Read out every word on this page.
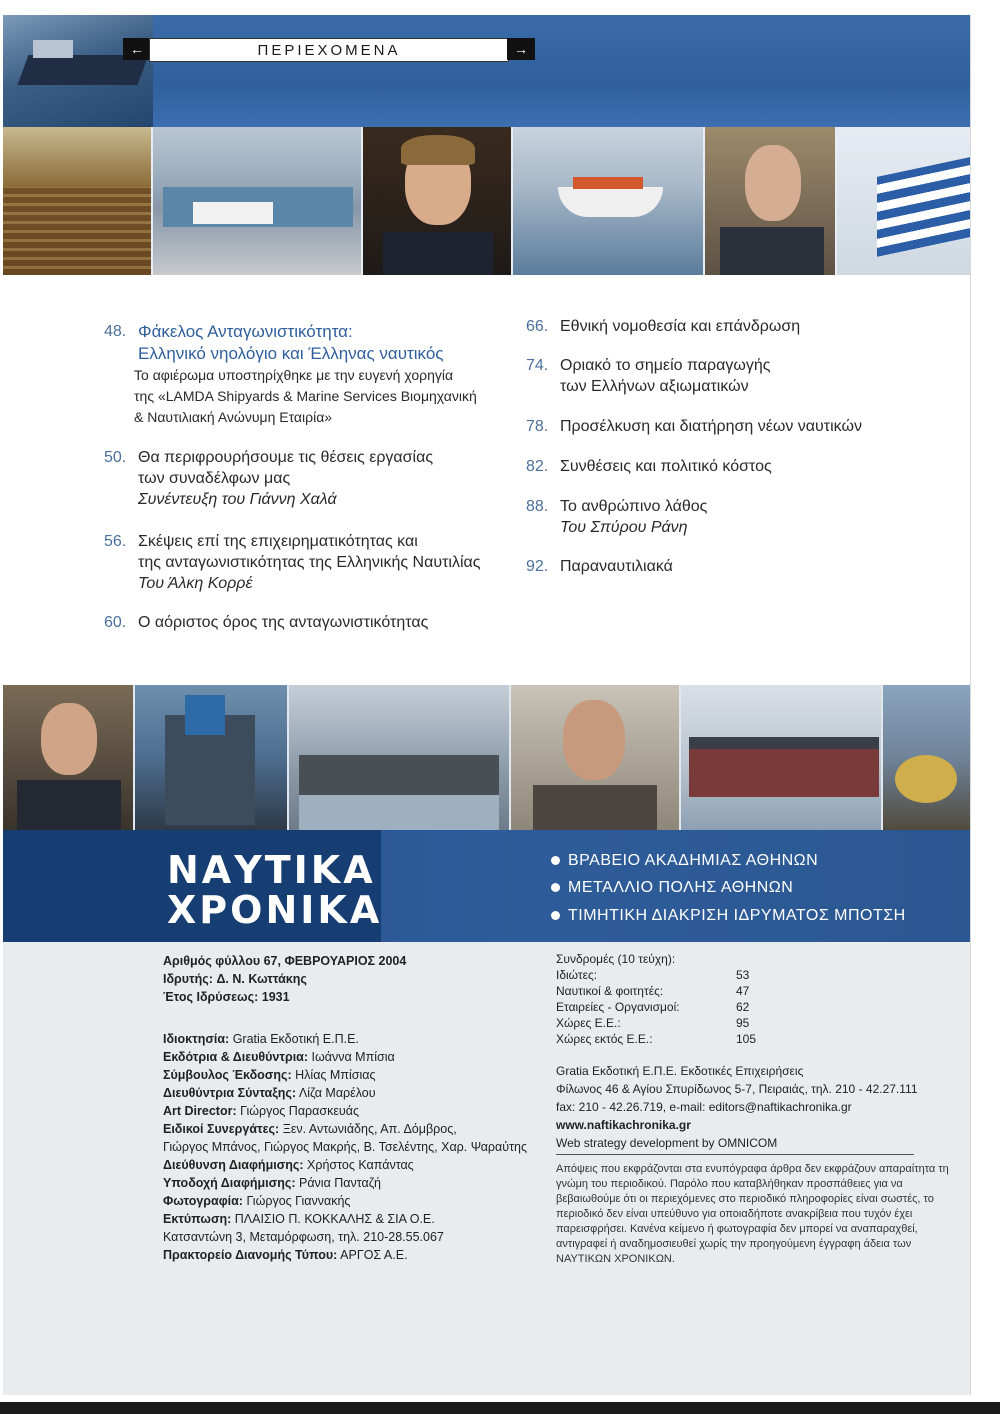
←	ΠΕΡΙΕΧΟΜΕΝΑ	→
48. Φάκελος Ανταγωνιστικότητα:
Ελληνικό νηολόγιο και Έλληνας ναυτικός
Το αφιέρωμα υποστηρίχθηκε με την ευγενή χορηγία
της «LAMDA Shipyards & Marine Services Βιομηχανική
& Ναυτιλιακή Ανώνυμη Εταιρία»
50. Θα περιφρουρήσουμε τις θέσεις εργασίας
των συναδέλφων μας
Συνέντευξη του Γιάννη Χαλά
56. Σκέψεις επί της επιχειρηματικότητας και
της ανταγωνιστικότητας της Ελληνικής Ναυτιλίας
Του Άλκη Κορρέ
60. Ο αόριστος όρος της ανταγωνιστικότητας
66. Εθνική νομοθεσία και επάνδρωση
74. Οριακό το σημείο παραγωγής
των Ελλήνων αξιωματικών
78. Προσέλκυση και διατήρηση νέων ναυτικών
82. Συνθέσεις και πολιτικό κόστος
88. Το ανθρώπινο λάθος
Του Σπύρου Ράνη
92. Παραναυτιλιακά
ΝΑΥΤΙΚΑ
ΧΡΟΝΙΚΑ
ΒΡΑΒΕΙΟ ΑΚΑΔΗΜΙΑΣ ΑΘΗΝΩΝ
ΜΕΤΑΛΛΙΟ ΠΟΛΗΣ ΑΘΗΝΩΝ
ΤΙΜΗΤΙΚΗ ΔΙΑΚΡΙΣΗ ΙΔΡΥΜΑΤΟΣ ΜΠΟΤΣΗ
Αριθμός φύλλου 67, ΦΕΒΡΟΥΑΡΙΟΣ 2004
Ιδρυτής: Δ. Ν. Κωττάκης
Έτος Ιδρύσεως: 1931
Ιδιοκτησία: Gratia Εκδοτική Ε.Π.Ε.
Εκδότρια & Διευθύντρια: Ιωάννα Μπίσια
Σύμβουλος Έκδοσης: Ηλίας Μπίσιας
Διευθύντρια Σύνταξης: Λίζα Μαρέλου
Art Director: Γιώργος Παρασκευάς
Ειδικοί Συνεργάτες: Ξεν. Αντωνιάδης, Απ. Δόμβρος,
Γιώργος Μπάνος, Γιώργος Μακρής, Β. Τσελέντης, Χαρ. Ψαραύτης
Διεύθυνση Διαφήμισης: Χρήστος Καπάντας
Υποδοχή Διαφήμισης: Ράνια Πανταζή
Φωτογραφία: Γιώργος Γιαννακής
Εκτύπωση: ΠΛΑΙΣΙΟ Π. ΚΟΚΚΑΛΗΣ & ΣΙΑ Ο.Ε.
Κατσαντώνη 3, Μεταμόρφωση, τηλ. 210-28.55.067
Πρακτορείο Διανομής Τύπου: ΑΡΓΟΣ Α.Ε.
Συνδρομές (10 τεύχη):
Ιδιώτες:	53
Ναυτικοί & φοιτητές:	47
Εταιρείες - Οργανισμοί:	62
Χώρες Ε.Ε.:	95
Χώρες εκτός Ε.Ε.:	105
Gratia Εκδοτική Ε.Π.Ε. Εκδοτικές Επιχειρήσεις
Φίλωνος 46 & Αγίου Σπυρίδωνος 5-7, Πειραιάς, τηλ. 210 - 42.27.111
fax: 210 - 42.26.719, e-mail: editors@naftikachronika.gr
www.naftikachronika.gr
Web strategy development by OMNICOM
Απόψεις που εκφράζονται στα ενυπόγραφα άρθρα δεν εκφράζουν απαραίτητα τη
γνώμη του περιοδικού. Παρόλο που καταβλήθηκαν προσπάθειες για να
βεβαιωθούμε ότι οι περιεχόμενες στο περιοδικό πληροφορίες είναι σωστές, το
περιοδικό δεν είναι υπεύθυνο για οποιαδήποτε ανακρίβεια που τυχόν έχει
παρεισφρήσει. Κανένα κείμενο ή φωτογραφία δεν μπορεί να αναπαραχθεί,
αντιγραφεί ή αναδημοσιευθεί χωρίς την προηγούμενη έγγραφη άδεια των
ΝΑΥΤΙΚΩΝ ΧΡΟΝΙΚΩΝ.
